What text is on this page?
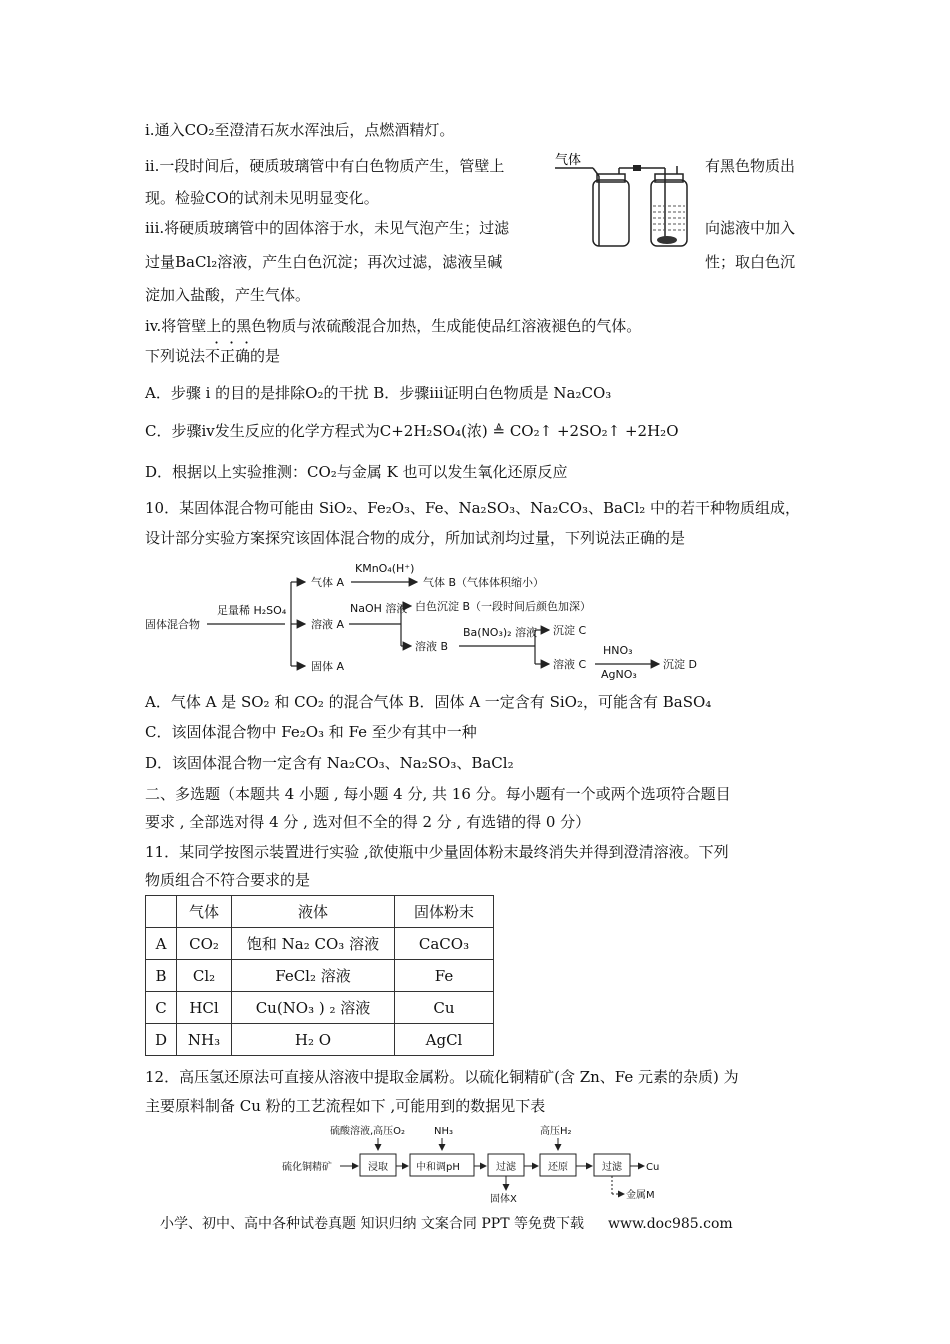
i.通入CO₂至澄清石灰水浑浊后，点燃酒精灯。
ii.一段时间后，硬质玻璃管中有白色物质产生，管壁上	有黑色物质出
现。检验CO的试剂未见明显变化。
iii.将硬质玻璃管中的固体溶于水，未见气泡产生；过滤	向滤液中加入
过量BaCl₂溶液，产生白色沉淀；再次过滤，滤液呈碱	性；取白色沉
淀加入盐酸，产生气体。
iv.将管壁上的黑色物质与浓硫酸混合加热，生成能使品红溶液褪色的气体。
· · ·
下列说法不正确的是
A．步骤 i 的目的是排除O₂的干扰 B．步骤iii证明白色物质是 Na₂CO₃
C．步骤iv发生反应的化学方程式为C+2H₂SO₄(浓) ≜ CO₂↑ +2SO₂↑ +2H₂O
D．根据以上实验推测：CO₂与金属 K 也可以发生氧化还原反应
10．某固体混合物可能由 SiO₂、Fe₂O₃、Fe、Na₂SO₃、Na₂CO₃、BaCl₂ 中的若干种物质组成，
设计部分实验方案探究该固体混合物的成分，所加试剂均过量，下列说法正确的是
气体
固体混合物
足量稀 H₂SO₄
气体 A
KMnO₄(H⁺)
气体 B（气体体积缩小）
溶液 A
NaOH 溶液 白色沉淀 B（一段时间后颜色加深）
溶液 B
Ba(NO₃)₂ 溶液 沉淀 C
溶液 C
HNO₃
AgNO₃
沉淀 D
固体 A
A．气体 A 是 SO₂ 和 CO₂ 的混合气体 B．固体 A 一定含有 SiO₂，可能含有 BaSO₄
C．该固体混合物中 Fe₂O₃ 和 Fe 至少有其中一种
D．该固体混合物一定含有 Na₂CO₃、Na₂SO₃、BaCl₂
二、多选题（本题共 4 小题 , 每小题 4 分, 共 16 分。每小题有一个或两个选项符合题目
要求 , 全部选对得 4 分 , 选对但不全的得 2 分 , 有选错的得 0 分）
11．某同学按图示装置进行实验 ,欲使瓶中少量固体粉末最终消失并得到澄清溶液。下列
物质组合不符合要求的是
	气体	液体	固体粉末
A	CO₂	饱和 Na₂ CO₃ 溶液	CaCO₃
B	Cl₂	FeCl₂ 溶液	Fe
C	HCl	Cu(NO₃ ) ₂ 溶液	Cu
D	NH₃	H₂ O	AgCl
12．高压氢还原法可直接从溶液中提取金属粉。以硫化铜精矿(含 Zn、Fe 元素的杂质) 为
主要原料制备 Cu 粉的工艺流程如下 ,可能用到的数据见下表
硫酸溶液,高压O₂	NH₃	高压H₂
硫化铜精矿	浸取	中和调pH	过滤
固体X
还原	过滤 Cu
金属M
小学、初中、高中各种试卷真题 知识归纳 文案合同 PPT 等免费下载 www.doc985.com
